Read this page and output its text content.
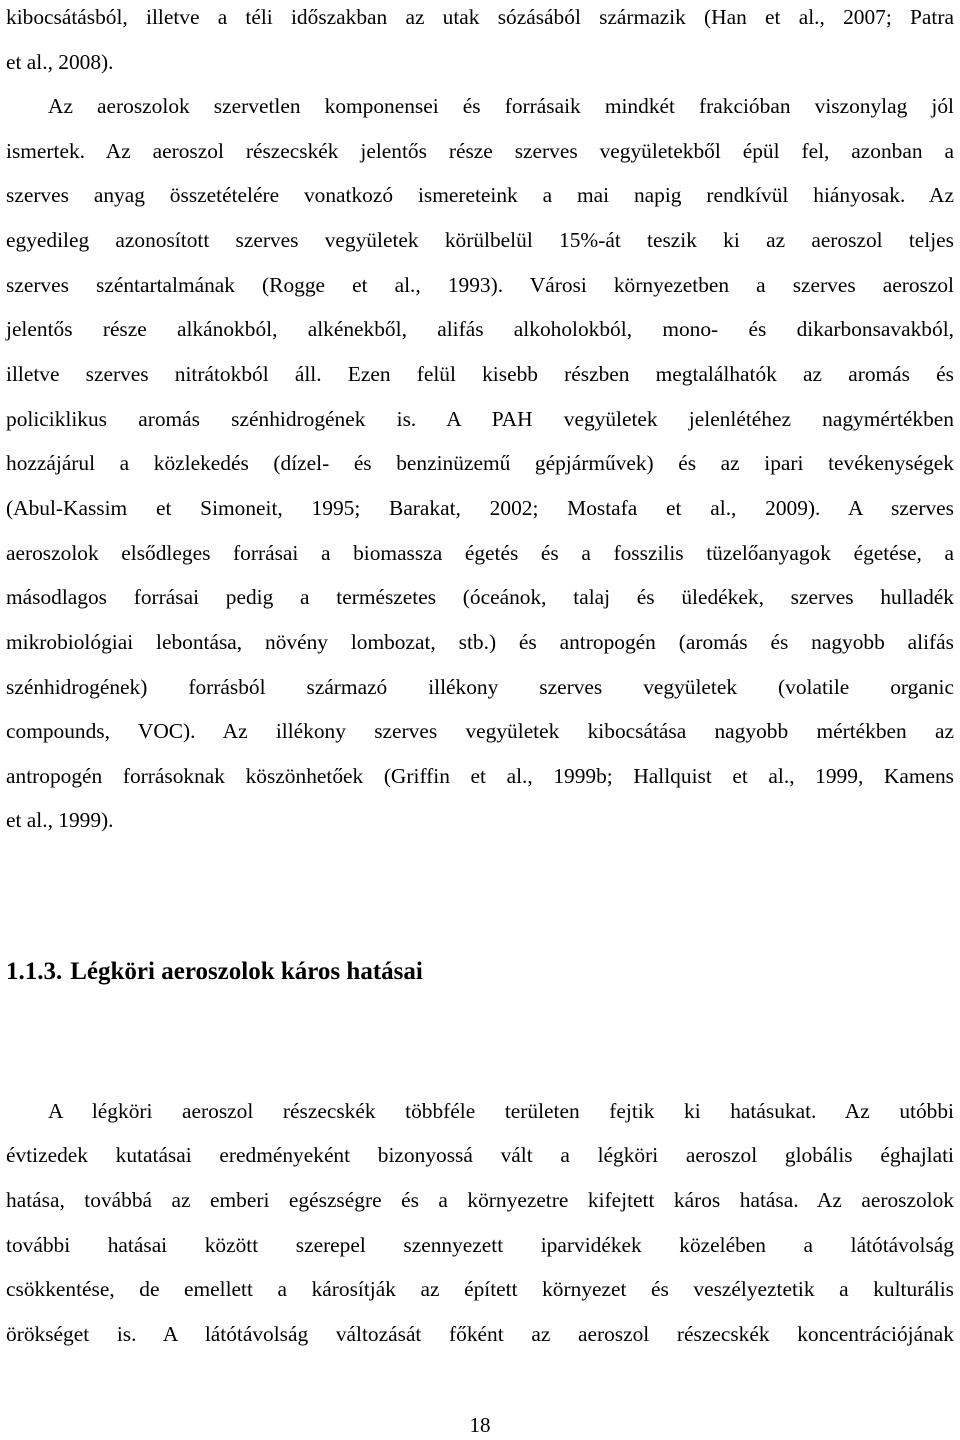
kibocsátásból, illetve a téli időszakban az utak sózásából származik (Han et al., 2007; Patra
et al., 2008).
Az aeroszolok szervetlen komponensei és forrásaik mindkét frakcióban viszonylag jól
ismertek. Az aeroszol részecskék jelentős része szerves vegyületekből épül fel, azonban a
szerves anyag összetételére vonatkozó ismereteink a mai napig rendkívül hiányosak. Az
egyedileg azonosított szerves vegyületek körülbelül 15%-át teszik ki az aeroszol teljes
szerves széntartalmának (Rogge et al., 1993). Városi környezetben a szerves aeroszol
jelentős része alkánokból, alkénekből, alifás alkoholokból, mono- és dikarbonsavakból,
illetve szerves nitrátokból áll. Ezen felül kisebb részben megtalálhatók az aromás és
policiklikus aromás szénhidrogének is. A PAH vegyületek jelenlétéhez nagymértékben
hozzájárul a közlekedés (dízel- és benzinüzemű gépjárművek) és az ipari tevékenységek
(Abul-Kassim et Simoneit, 1995; Barakat, 2002; Mostafa et al., 2009). A szerves
aeroszolok elsődleges forrásai a biomassza égetés és a fosszilis tüzelőanyagok égetése, a
másodlagos forrásai pedig a természetes (óceánok, talaj és üledékek, szerves hulladék
mikrobiológiai lebontása, növény lombozat, stb.) és antropogén (aromás és nagyobb alifás
szénhidrogének) forrásból származó illékony szerves vegyületek (volatile organic
compounds, VOC). Az illékony szerves vegyületek kibocsátása nagyobb mértékben az
antropogén forrásoknak köszönhetőek (Griffin et al., 1999b; Hallquist et al., 1999, Kamens
et al., 1999).
1.1.3. Légköri aeroszolok káros hatásai
A légköri aeroszol részecskék többféle területen fejtik ki hatásukat. Az utóbbi
évtizedek kutatásai eredményeként bizonyossá vált a légköri aeroszol globális éghajlati
hatása, továbbá az emberi egészségre és a környezetre kifejtett káros hatása. Az aeroszolok
további hatásai között szerepel szennyezett iparvidékek közelében a látótávolság
csökkentése, de emellett a károsítják az épített környezet és veszélyeztetik a kulturális
örökséget is. A látótávolság változását főként az aeroszol részecskék koncentrációjának
18
